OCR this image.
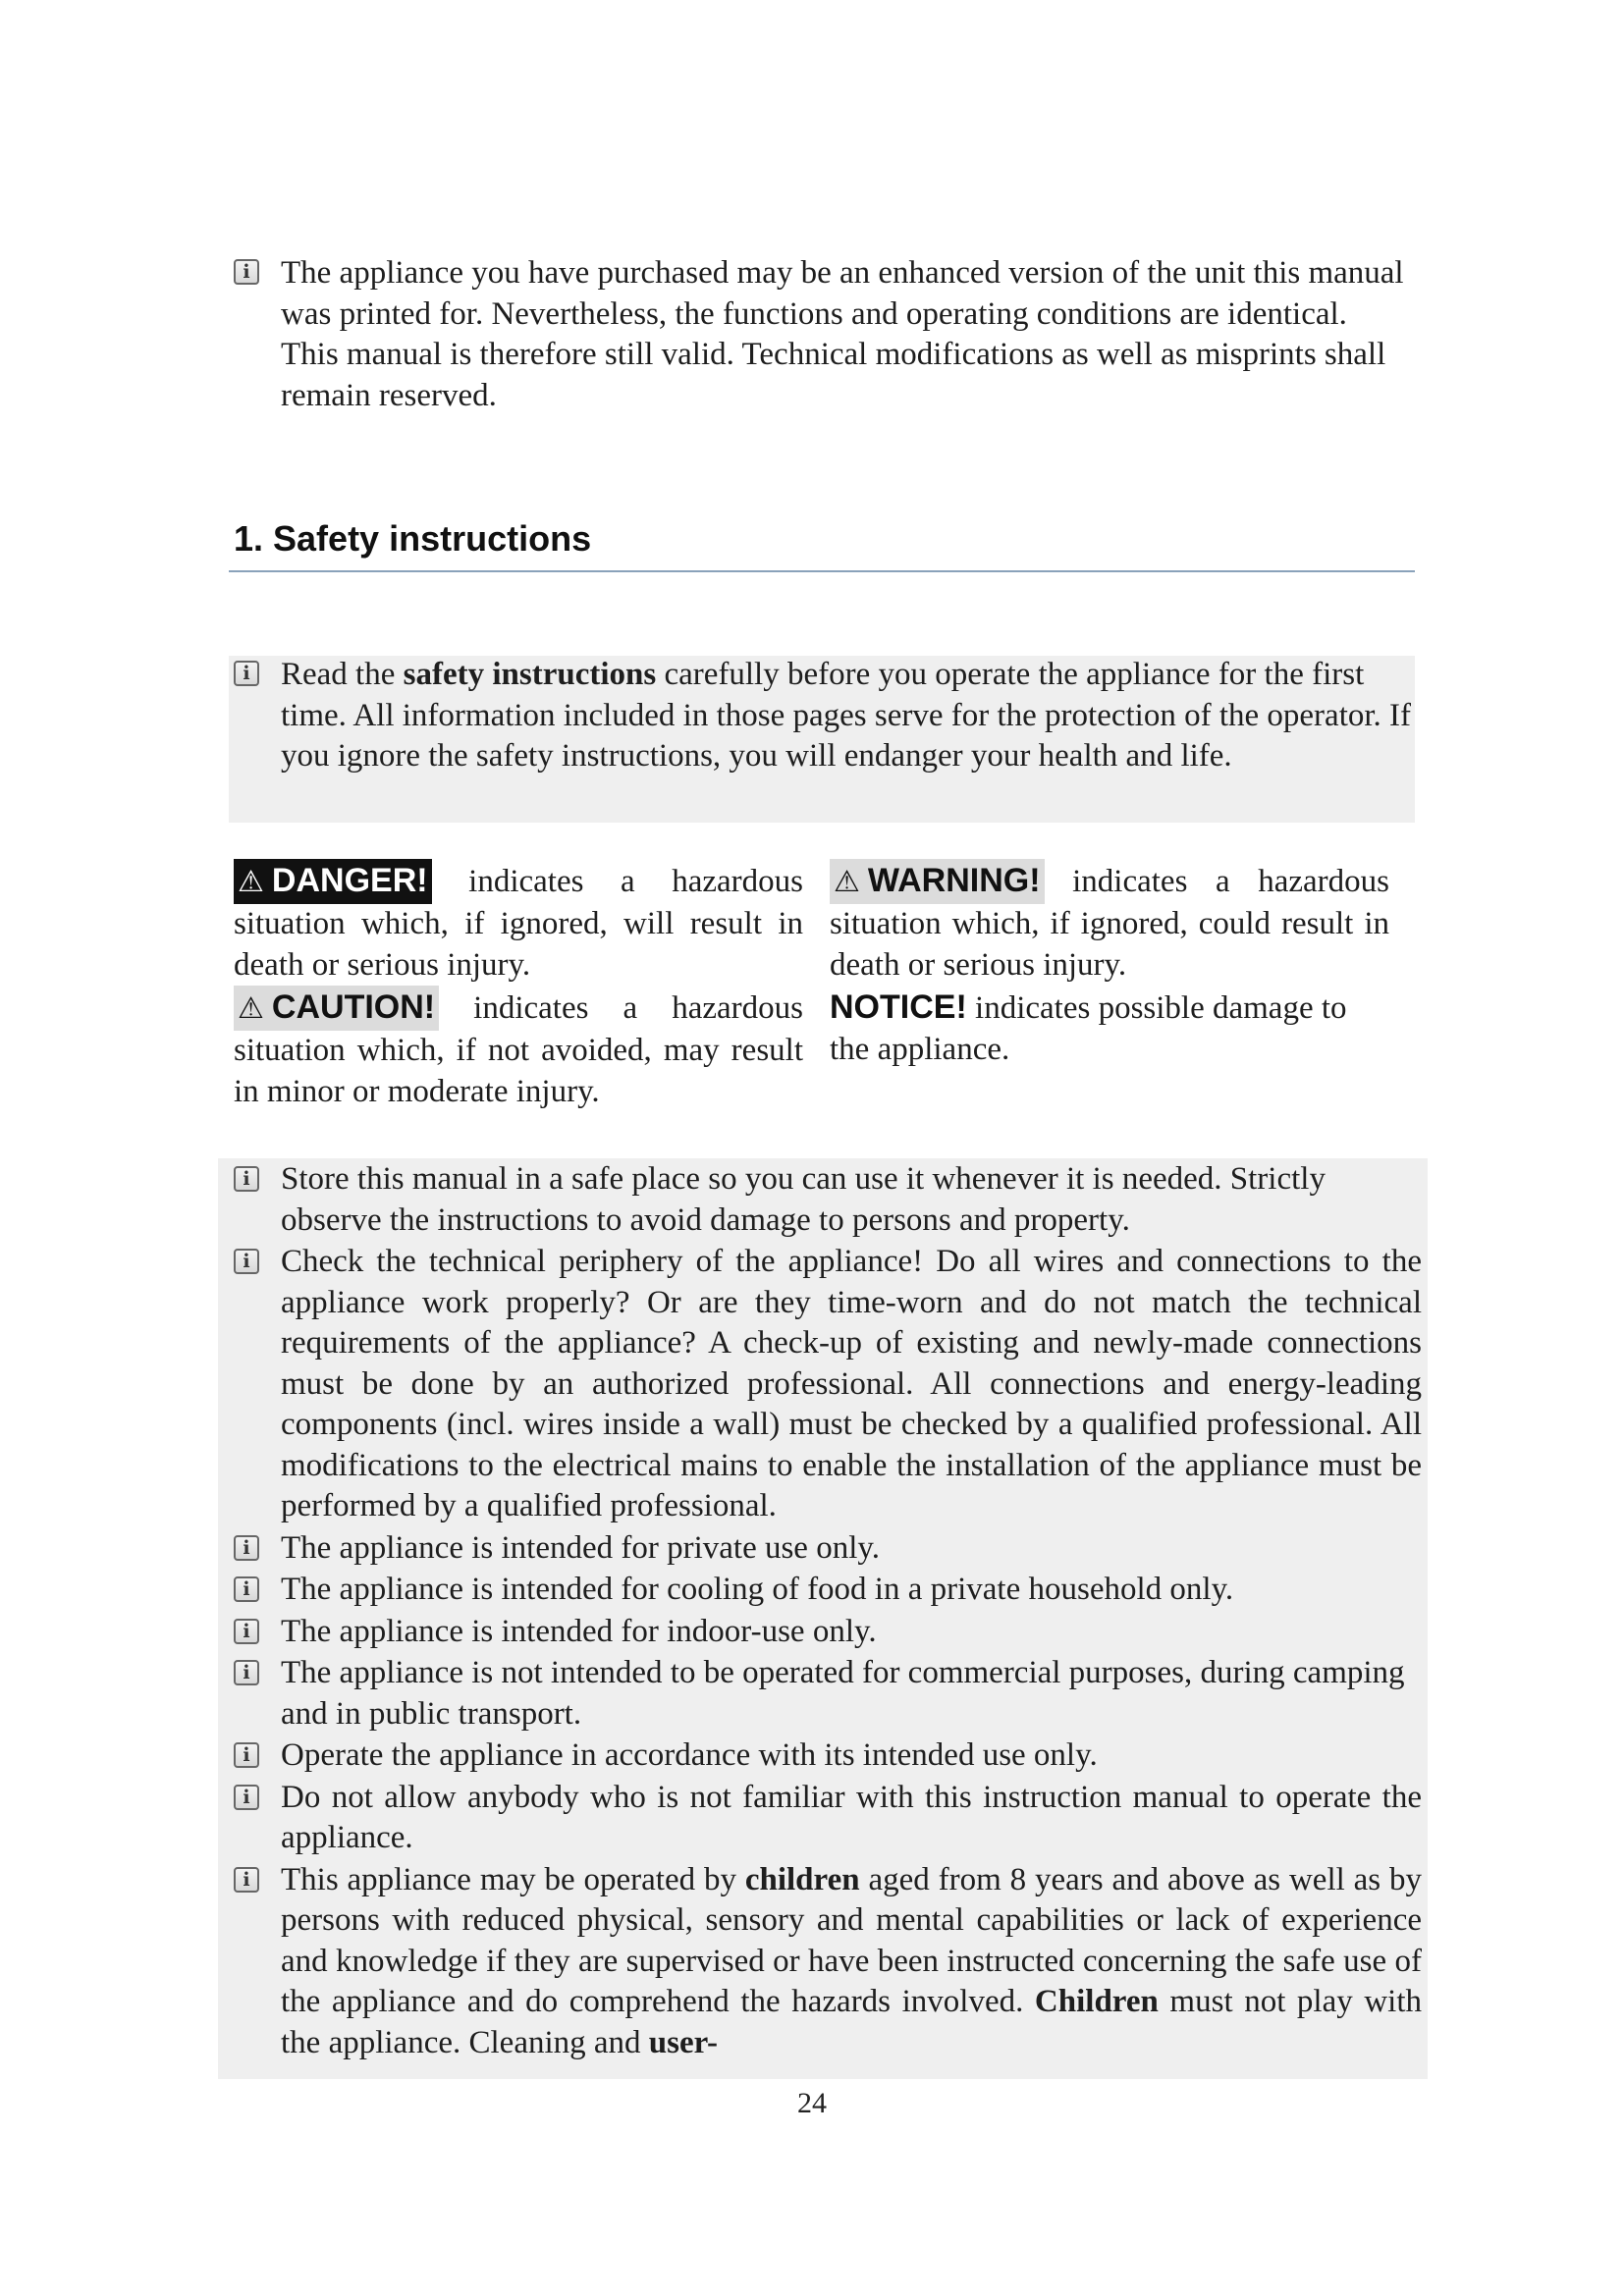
i The appliance you have purchased may be an enhanced version of the unit this manual was printed for. Nevertheless, the functions and operating conditions are identical. This manual is therefore still valid. Technical modifications as well as misprints shall remain reserved.
1. Safety instructions
i Read the safety instructions carefully before you operate the appliance for the first time. All information included in those pages serve for the protection of the operator. If you ignore the safety instructions, you will endanger your health and life.
⚠ DANGER! indicates a hazardous situation which, if ignored, will result in death or serious injury.
⚠ CAUTION! indicates a hazardous situation which, if not avoided, may result in minor or moderate injury.
⚠ WARNING! indicates a hazardous situation which, if ignored, could result in death or serious injury.
NOTICE! indicates possible damage to the appliance.
i Store this manual in a safe place so you can use it whenever it is needed. Strictly observe the instructions to avoid damage to persons and property.
i Check the technical periphery of the appliance! Do all wires and connections to the appliance work properly? Or are they time-worn and do not match the technical requirements of the appliance? A check-up of existing and newly-made connections must be done by an authorized professional. All connections and energy-leading components (incl. wires inside a wall) must be checked by a qualified professional. All modifications to the electrical mains to enable the installation of the appliance must be performed by a qualified professional.
i The appliance is intended for private use only.
i The appliance is intended for cooling of food in a private household only.
i The appliance is intended for indoor-use only.
i The appliance is not intended to be operated for commercial purposes, during camping and in public transport.
i Operate the appliance in accordance with its intended use only.
i Do not allow anybody who is not familiar with this instruction manual to operate the appliance.
i This appliance may be operated by children aged from 8 years and above as well as by persons with reduced physical, sensory and mental capabilities or lack of experience and knowledge if they are supervised or have been instructed concerning the safe use of the appliance and do comprehend the hazards involved. Children must not play with the appliance. Cleaning and user-
24
